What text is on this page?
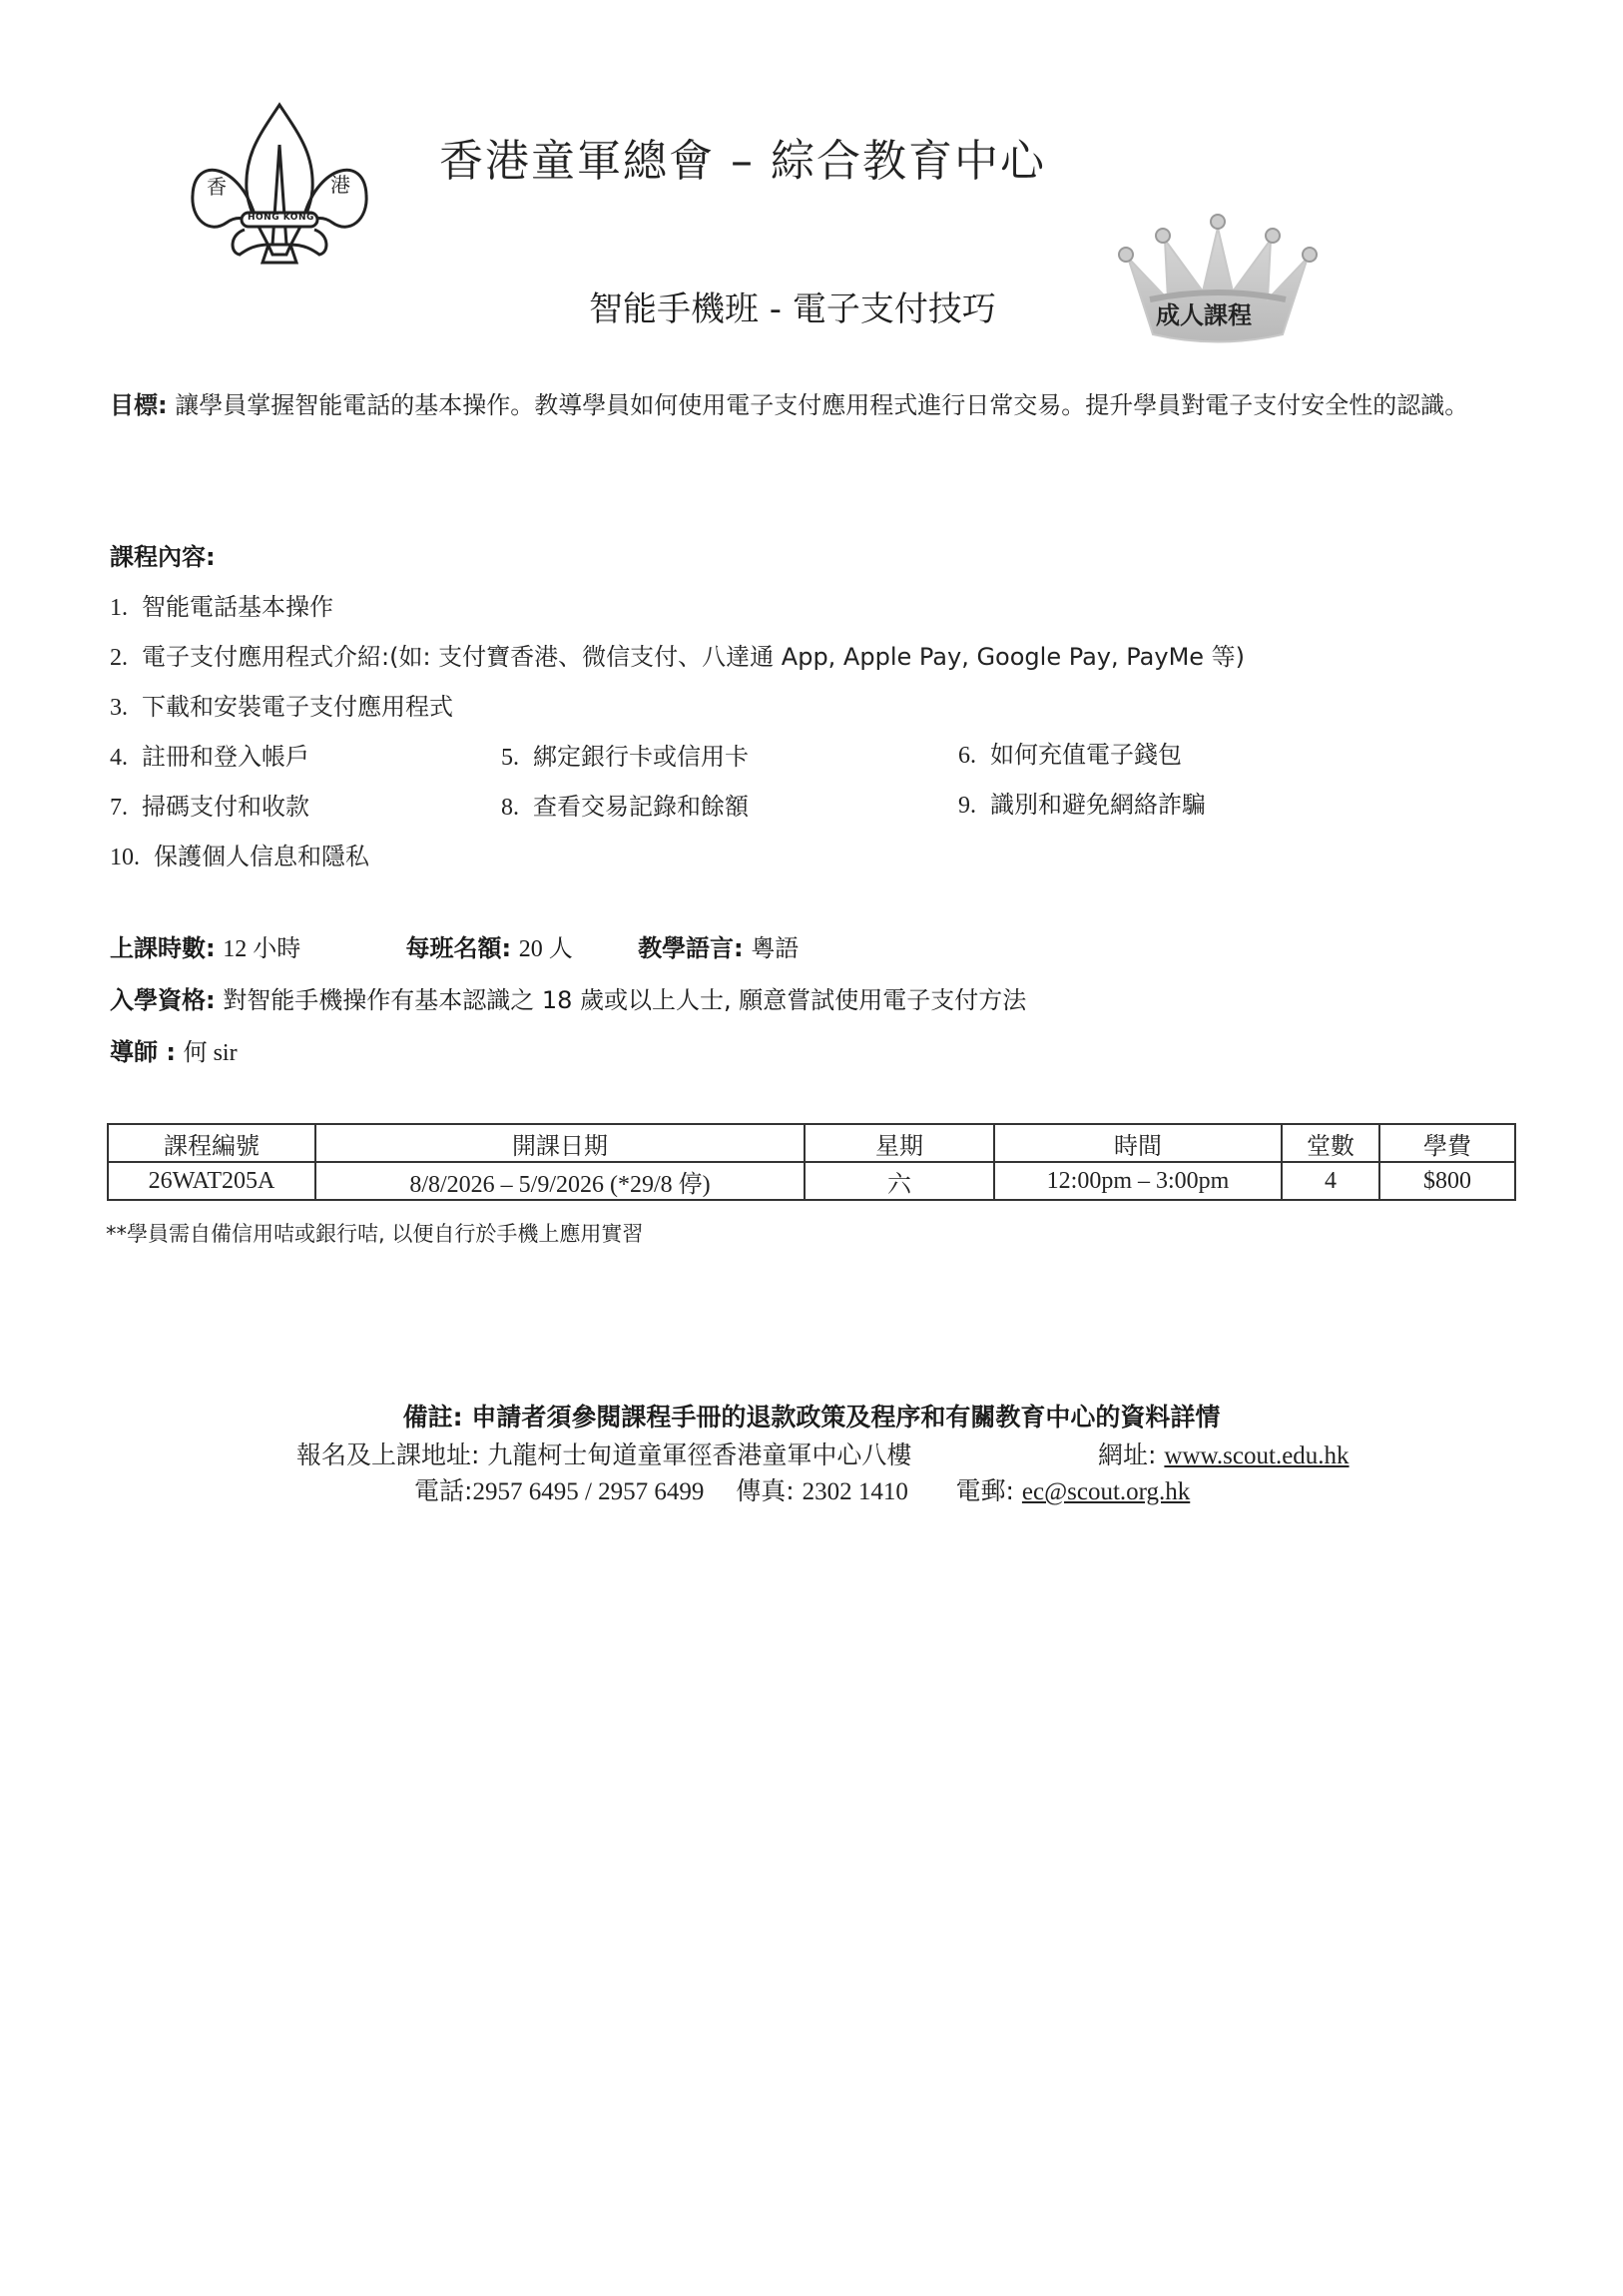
香	港
HONG KONG
香港童軍總會 – 綜合教育中心
智能手機班 - 電子支付技巧	成人課程
目標: 讓學員掌握智能電話的基本操作。教導學員如何使用電子支付應用程式進行日常交易。提升學員對電子支付安全性的認識。
課程內容:
1. 智能電話基本操作
2. 電子支付應用程式介紹:(如: 支付寶香港、微信支付、八達通 App, Apple Pay, Google Pay, PayMe 等)
3. 下載和安裝電子支付應用程式
4. 註冊和登入帳戶	5. 綁定銀行卡或信用卡	6. 如何充值電子錢包
7. 掃碼支付和收款	8. 查看交易記錄和餘額	9. 識別和避免網絡詐騙
10. 保護個人信息和隱私
上課時數: 12 小時	每班名額: 20 人	教學語言: 粵語
入學資格: 對智能手機操作有基本認識之 18 歲或以上人士, 願意嘗試使用電子支付方法
導師 : 何 sir
課程編號	開課日期	星期	時間	堂數	學費
26WAT205A	8/8/2026 – 5/9/2026 (*29/8 停)	六	12:00pm – 3:00pm	4	$800
**學員需自備信用咭或銀行咭, 以便自行於手機上應用實習
備註: 申請者須參閱課程手冊的退款政策及程序和有關教育中心的資料詳情
報名及上課地址: 九龍柯士甸道童軍徑香港童軍中心八樓	網址: www.scout.edu.hk
電話:2957 6495 / 2957 6499 傳真: 2302 1410 電郵: ec@scout.org.hk
